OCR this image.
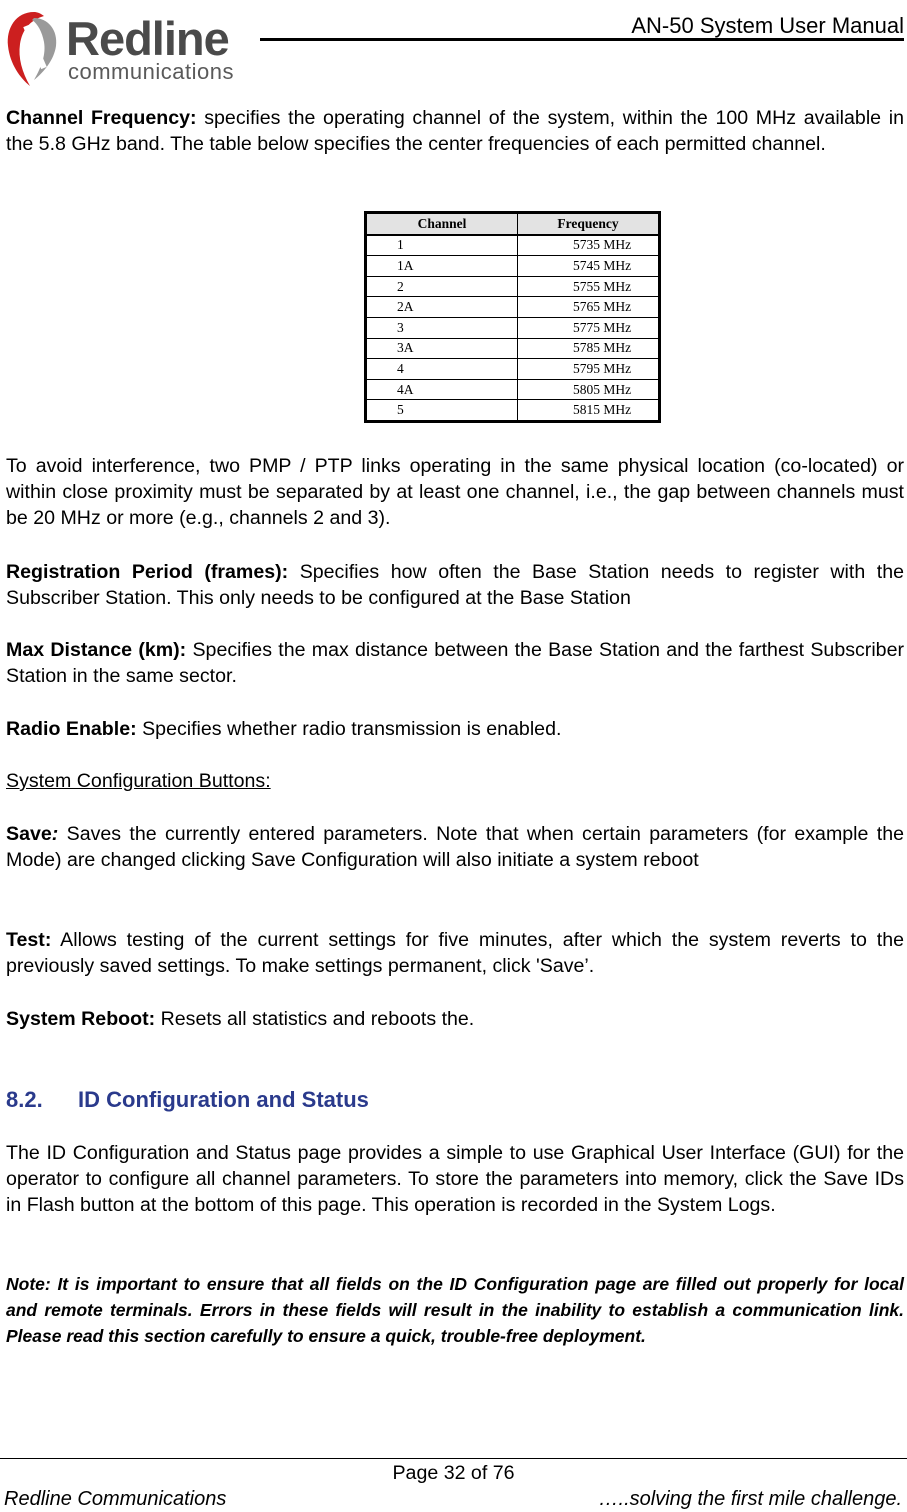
Redline
communications
AN-50 System User Manual

Channel Frequency: specifies the operating channel of the system, within the 100 MHz available in the 5.8 GHz band. The table below specifies the center frequencies of each permitted channel.

Channel	Frequency
1	5735 MHz
1A	5745 MHz
2	5755 MHz
2A	5765 MHz
3	5775 MHz
3A	5785 MHz
4	5795 MHz
4A	5805 MHz
5	5815 MHz

To avoid interference, two PMP / PTP links operating in the same physical location (co-located) or within close proximity must be separated by at least one channel, i.e., the gap between channels must be 20 MHz or more (e.g., channels 2 and 3).

Registration Period (frames): Specifies how often the Base Station needs to register with the Subscriber Station. This only needs to be configured at the Base Station

Max Distance (km): Specifies the max distance between the Base Station and the farthest Subscriber Station in the same sector.

Radio Enable: Specifies whether radio transmission is enabled.

System Configuration Buttons:

Save: Saves the currently entered parameters. Note that when certain parameters (for example the Mode) are changed clicking Save Configuration will also initiate a system reboot

Test: Allows testing of the current settings for five minutes, after which the system reverts to the previously saved settings. To make settings permanent, click 'Save’.

System Reboot: Resets all statistics and reboots the.

8.2. ID Configuration and Status

The ID Configuration and Status page provides a simple to use Graphical User Interface (GUI) for the operator to configure all channel parameters. To store the parameters into memory, click the Save IDs in Flash button at the bottom of this page. This operation is recorded in the System Logs.

Note: It is important to ensure that all fields on the ID Configuration page are filled out properly for local and remote terminals. Errors in these fields will result in the inability to establish a communication link. Please read this section carefully to ensure a quick, trouble-free deployment.

Page 32 of 76
Redline Communications	…..solving the first mile challenge.
